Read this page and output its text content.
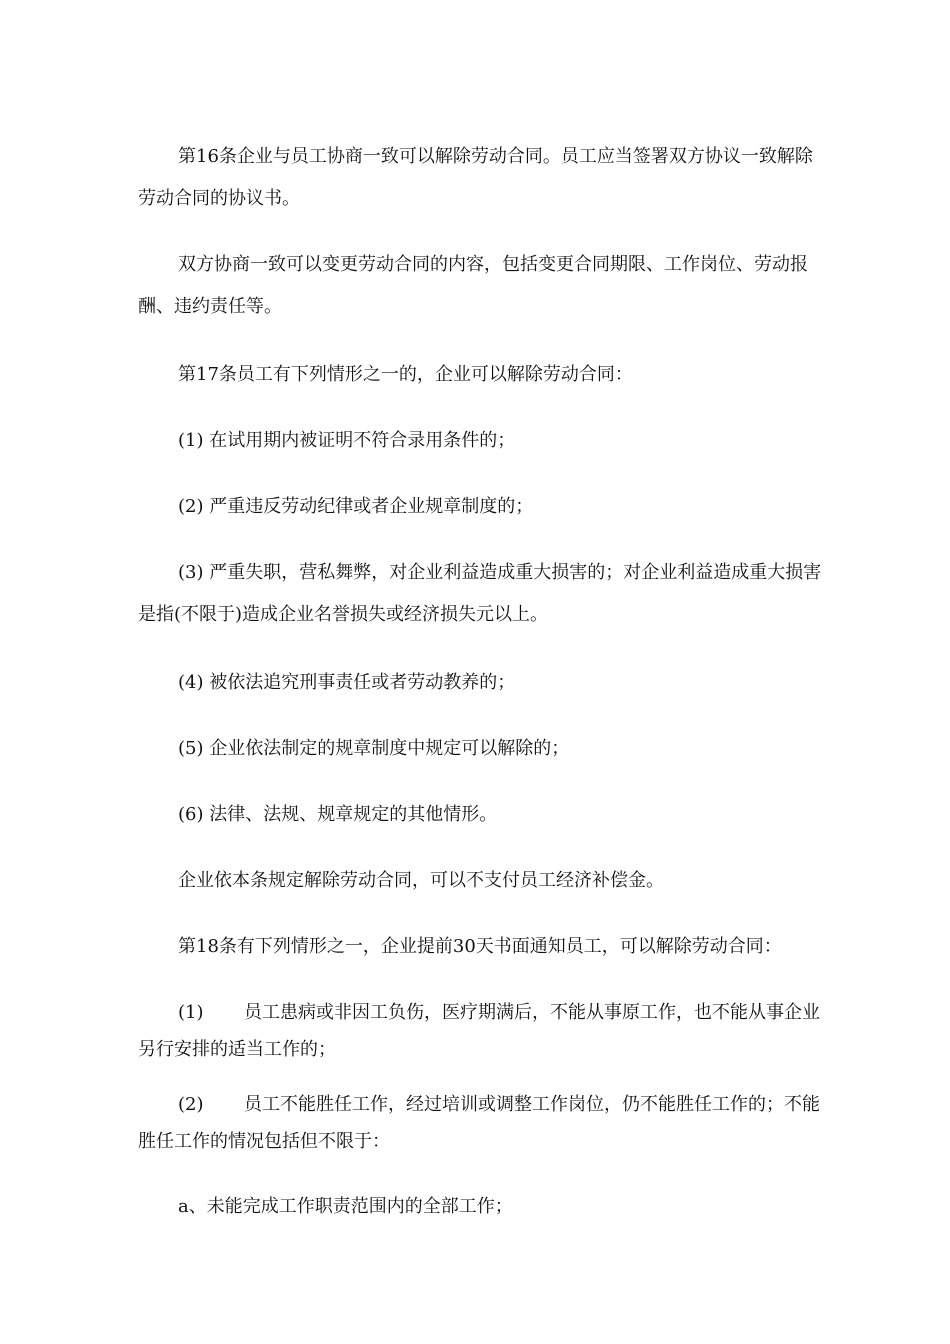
第16条企业与员工协商一致可以解除劳动合同。员工应当签署双方协议一致解除劳动合同的协议书。

双方协商一致可以变更劳动合同的内容，包括变更合同期限、工作岗位、劳动报酬、违约责任等。

第17条员工有下列情形之一的，企业可以解除劳动合同：

(1) 在试用期内被证明不符合录用条件的；

(2) 严重违反劳动纪律或者企业规章制度的；

(3) 严重失职，营私舞弊，对企业利益造成重大损害的；对企业利益造成重大损害是指(不限于)造成企业名誉损失或经济损失元以上。

(4) 被依法追究刑事责任或者劳动教养的；

(5) 企业依法制定的规章制度中规定可以解除的；

(6) 法律、法规、规章规定的其他情形。

企业依本条规定解除劳动合同，可以不支付员工经济补偿金。

第18条有下列情形之一，企业提前30天书面通知员工，可以解除劳动合同：

(1) 员工患病或非因工负伤，医疗期满后，不能从事原工作，也不能从事企业另行安排的适当工作的；

(2) 员工不能胜任工作，经过培训或调整工作岗位，仍不能胜任工作的；不能胜任工作的情况包括但不限于：

a、未能完成工作职责范围内的全部工作；
